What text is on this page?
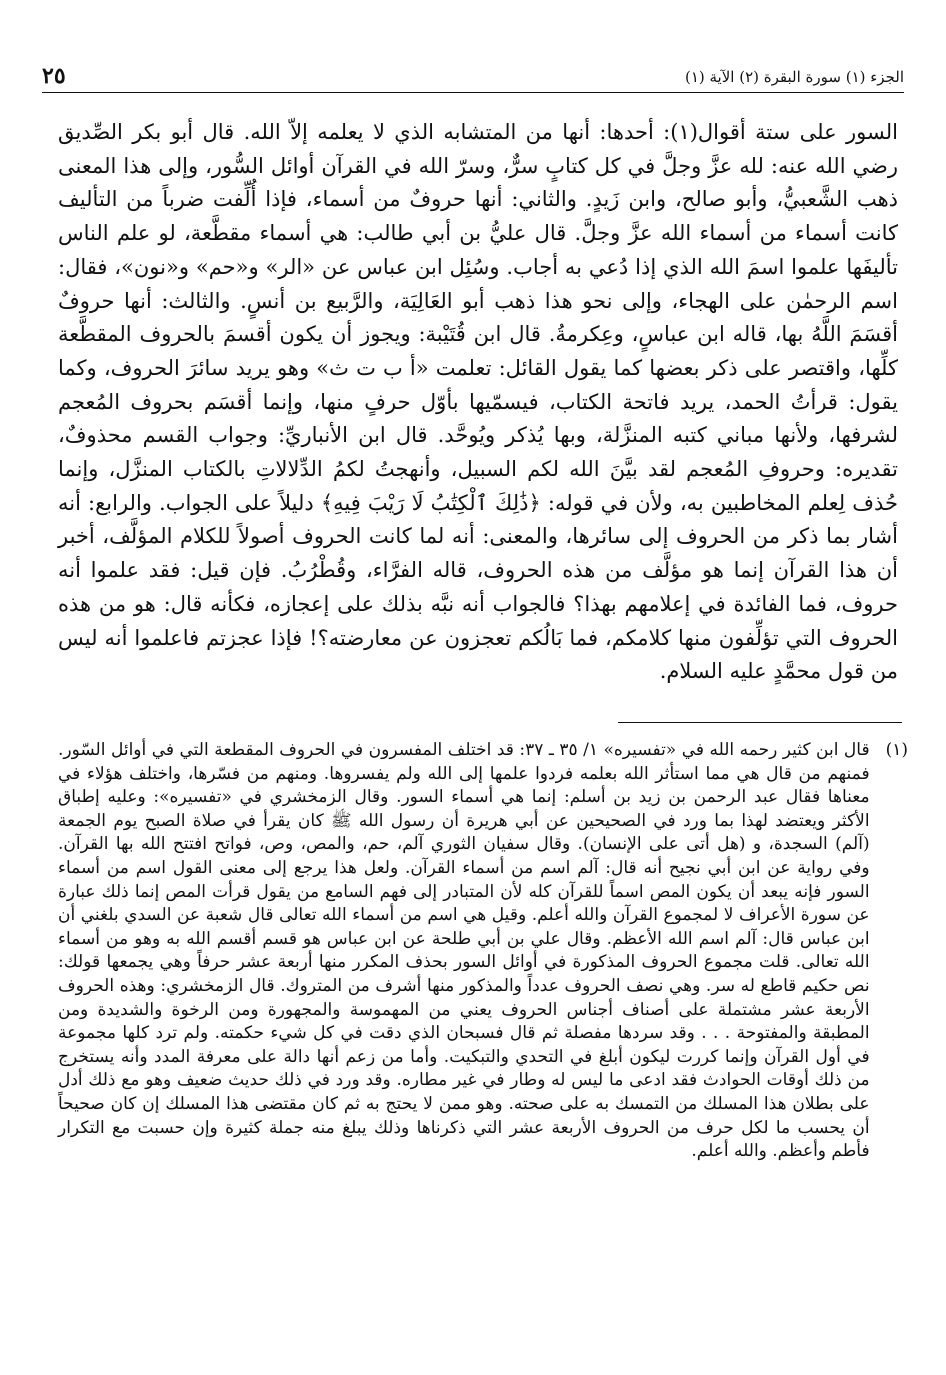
٢٥	الجزء (١) سورة البقرة (٢) الآية (١)

السور على ستة أقوال(١): أحدها: أنها من المتشابه الذي لا يعلمه إلاّ الله. قال أبو بكر الصِّديق رضي الله عنه: لله عزَّ وجلَّ في كل كتابٍ سرٌّ، وسرّ الله في القرآن أوائل السُّور، وإلى هذا المعنى ذهب الشَّعبيُّ، وأبو صالح، وابن زَيدٍ. والثاني: أنها حروفٌ من أسماء، فإذا أُلِّفت ضرباً من التأليف كانت أسماء من أسماء الله عزَّ وجلَّ. قال عليُّ بن أبي طالب: هي أسماء مقطَّعة، لو علم الناس تأليفَها علموا اسمَ الله الذي إذا دُعي به أجاب. وسُئِل ابن عباس عن «الر» و«حم» و«نون»، فقال: اسم الرحمٰن على الهجاء، وإلى نحو هذا ذهب أبو العَالِيَة، والرَّبيع بن أنسٍ. والثالث: أنها حروفٌ أقسَمَ اللَّهُ بها، قاله ابن عباسٍ، وعِكرمةُ. قال ابن قُتَيْبة: ويجوز أن يكون أقسمَ بالحروف المقطَّعة كلِّها، واقتصر على ذكر بعضها كما يقول القائل: تعلمت «أ ب ت ث» وهو يريد سائرَ الحروف، وكما يقول: قرأتُ الحمد، يريد فاتحة الكتاب، فيسمّيها بأوّل حرفٍ منها، وإنما أقسَم بحروف المُعجم لشرفها، ولأنها مباني كتبه المنزَّلة، وبها يُذكر ويُوحَّد. قال ابن الأنباريِّ: وجواب القسم محذوفٌ، تقديره: وحروفِ المُعجم لقد بيَّنَ الله لكم السبيل، وأنهجتُ لكمُ الدِّلالاتِ بالكتاب المنزَّل، وإنما حُذف لِعلم المخاطبين به، ولأن في قوله: ﴿ذَٰلِكَ ٱلْكِتَٰبُ لَا رَيْبَ فِيهِ﴾ دليلاً على الجواب. والرابع: أنه أشار بما ذكر من الحروف إلى سائرها، والمعنى: أنه لما كانت الحروف أصولاً للكلام المؤلَّف، أخبر أن هذا القرآن إنما هو مؤلَّف من هذه الحروف، قاله الفرَّاء، وقُطْرُبُ. فإن قيل: فقد علموا أنه حروف، فما الفائدة في إعلامهم بهذا؟ فالجواب أنه نبَّه بذلك على إعجازه، فكأنه قال: هو من هذه الحروف التي تؤلِّفون منها كلامكم، فما بَالُكم تعجزون عن معارضته؟! فإذا عجزتم فاعلموا أنه ليس من قول محمَّدٍ عليه السلام.

(١)
قال ابن كثير رحمه الله في «تفسيره» ١/ ٣٥ ـ ٣٧: قد اختلف المفسرون في الحروف المقطعة التي في أوائل السّور. فمنهم من قال هي مما استأثر الله بعلمه فردوا علمها إلى الله ولم يفسروها. ومنهم من فسّرها، واختلف هؤلاء في معناها فقال عبد الرحمن بن زيد بن أسلم: إنما هي أسماء السور. وقال الزمخشري في «تفسيره»: وعليه إطباق الأكثر ويعتضد لهذا بما ورد في الصحيحين عن أبي هريرة أن رسول الله ﷺ كان يقرأ في صلاة الصبح يوم الجمعة (آلم) السجدة، و (هل أتى على الإنسان). وقال سفيان الثوري آلم، حم، والمص، وص، فواتح افتتح الله بها القرآن. وفي رواية عن ابن أبي نجيح أنه قال: آلم اسم من أسماء القرآن. ولعل هذا يرجع إلى معنى القول اسم من أسماء السور فإنه يبعد أن يكون المص اسماً للقرآن كله لأن المتبادر إلى فهم السامع من يقول قرأت المص إنما ذلك عبارة عن سورة الأعراف لا لمجموع القرآن والله أعلم. وقيل هي اسم من أسماء الله تعالى قال شعبة عن السدي بلغني أن ابن عباس قال: آلم اسم الله الأعظم. وقال علي بن أبي طلحة عن ابن عباس هو قسم أقسم الله به وهو من أسماء الله تعالى. قلت مجموع الحروف المذكورة في أوائل السور بحذف المكرر منها أربعة عشر حرفاً وهي يجمعها قولك: نص حكيم قاطع له سر. وهي نصف الحروف عدداً والمذكور منها أشرف من المتروك. قال الزمخشري: وهذه الحروف الأربعة عشر مشتملة على أصناف أجناس الحروف يعني من المهموسة والمجهورة ومن الرخوة والشديدة ومن المطبقة والمفتوحة . . . وقد سردها مفصلة ثم قال فسبحان الذي دقت في كل شيء حكمته. ولم ترد كلها مجموعة في أول القرآن وإنما كررت ليكون أبلغ في التحدي والتبكيت. وأما من زعم أنها دالة على معرفة المدد وأنه يستخرج من ذلك أوقات الحوادث فقد ادعى ما ليس له وطار في غير مطاره. وقد ورد في ذلك حديث ضعيف وهو مع ذلك أدل على بطلان هذا المسلك من التمسك به على صحته. وهو ممن لا يحتج به ثم كان مقتضى هذا المسلك إن كان صحيحاً أن يحسب ما لكل حرف من الحروف الأربعة عشر التي ذكرناها وذلك يبلغ منه جملة كثيرة وإن حسبت مع التكرار فأطم وأعظم. والله أعلم.
